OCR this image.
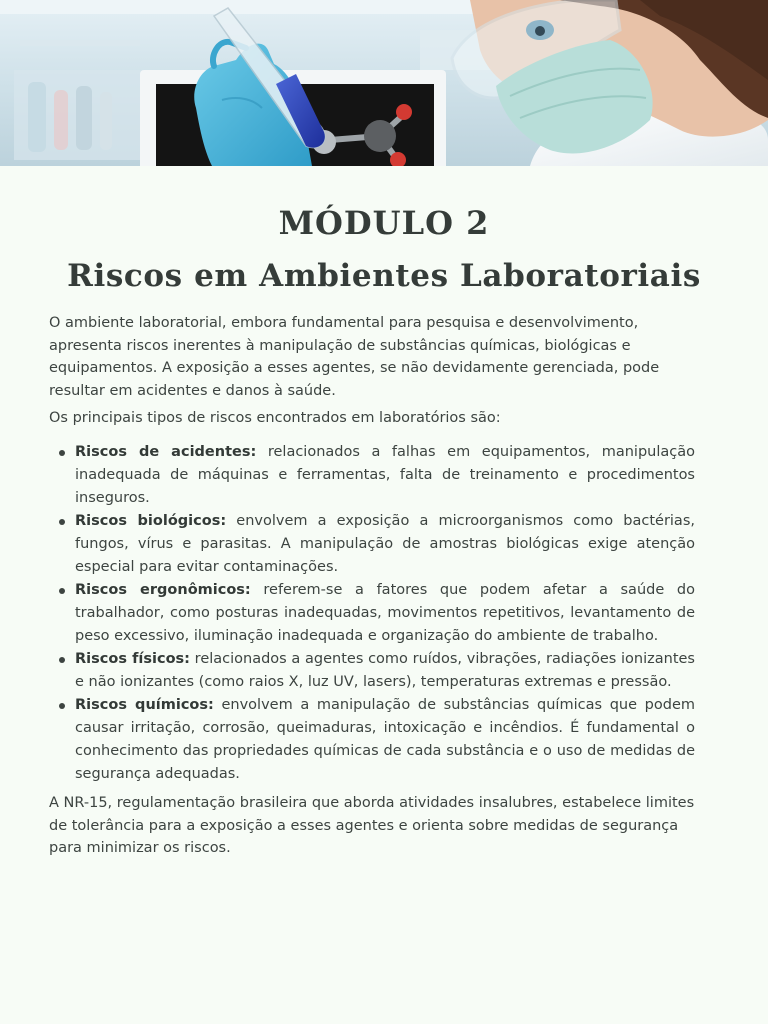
MÓDULO 2
Riscos em Ambientes Laboratoriais

O ambiente laboratorial, embora fundamental para pesquisa e desenvolvimento, apresenta riscos inerentes à manipulação de substâncias químicas, biológicas e equipamentos. A exposição a esses agentes, se não devidamente gerenciada, pode resultar em acidentes e danos à saúde.

Os principais tipos de riscos encontrados em laboratórios são:

Riscos de acidentes: relacionados a falhas em equipamentos, manipulação inadequada de máquinas e ferramentas, falta de treinamento e procedimentos inseguros.
Riscos biológicos: envolvem a exposição a microorganismos como bactérias, fungos, vírus e parasitas. A manipulação de amostras biológicas exige atenção especial para evitar contaminações.
Riscos ergonômicos: referem-se a fatores que podem afetar a saúde do trabalhador, como posturas inadequadas, movimentos repetitivos, levantamento de peso excessivo, iluminação inadequada e organização do ambiente de trabalho.
Riscos físicos: relacionados a agentes como ruídos, vibrações, radiações ionizantes e não ionizantes (como raios X, luz UV, lasers), temperaturas extremas e pressão.
Riscos químicos: envolvem a manipulação de substâncias químicas que podem causar irritação, corrosão, queimaduras, intoxicação e incêndios. É fundamental o conhecimento das propriedades químicas de cada substância e o uso de medidas de segurança adequadas.

A NR-15, regulamentação brasileira que aborda atividades insalubres, estabelece limites de tolerância para a exposição a esses agentes e orienta sobre medidas de segurança para minimizar os riscos.
